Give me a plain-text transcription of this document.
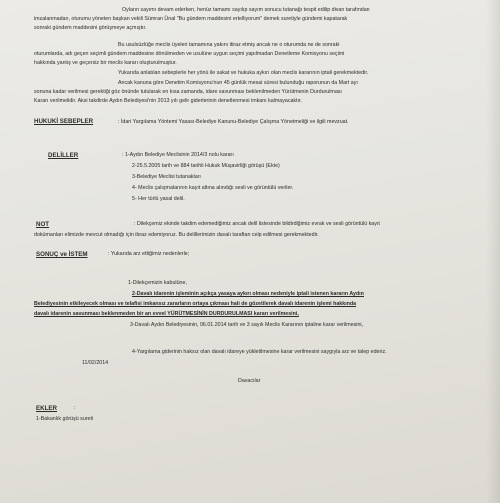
Oyların sayımı devam ederken, henüz tamamı sayılıp sayım sonucu tutanağı tespit edilip divan tarafından
imzalanmadan, oturumu yöneten başkan vekili Sümran Ünal "Bu gündem maddesini ertelliyorum" demek suretiyle gündemi kapatarak
sonraki gündem maddesini görüşmeye açmıştır.
Bu usulsüzlüğe meclis üyeleri tamamına yakını itiraz etmiş ancak ne o oturumda ne de sonraki
oturumlarda, adı geçen seçimli gündem maddesine dönülmeden ve usulüne uygun seçimi yapılmadan Denetleme Komisyonu seçimi
hakkında yanlış ve geçersiz bir meclis kararı oluşturulmuştur.
Yukarıda anlatılan sebeplerle her yönü ile sakat ve hukuka aykırı olan meclis kararının iptali gerekmektedir.
Ancak kanuna göre Denetim Komisyonu'nun 45 günlük mesai süresi bulunduğu raporunun da Mart ayı
sonuna kadar verilmesi gerektiği göz önünde tutularak en kısa zamanda, idare savunması beklenilmeden Yürütmenin Durdurulması
Kararı verilmelidir. Aksi takdirde Aydın Belediyesi'nin 2013 yılı gelir giderlerinin denetlenmesi imkanı kalmayacaktır.
HUKUKİ SEBEPLER	: İdari Yargılama Yöntemi Yasası-Belediye Kanunu-Belediye Çalışma Yönetmeliği ve ilgili mevzuat.
DELİLLER	: 1-Aydın Belediye Meclisinin 2014/3 nolu kararı
2-25.5.2005 tarih ve 884 tarihli Hukuk Müşavirliği görüşü (Ekte)
3-Belediye Meclisi tutanakları
4- Meclis çalışmalarının kayıt altına alındığı sesli ve görüntülü veriler.
5- Her türlü yasal delil.
NOT	: Dilekçemiz ekinde takdim edemediğimiz ancak delil listesinde bildirdiğimiz evrak ve sesli görüntülü kayıt
dokümanları elimizde mevcut olmadığı için ibraz edemiyoruz. Bu delillerimizin davalı taraftan celp edilmesi gerekmektedir.
SONUÇ ve İSTEM	: Yukarıda arz ettiğimiz nedenlerle;
1-Dilekçemizin kabulüne,
2-Davalı idarenin işleminin açıkça yasaya aykırı olması nedeniyle iptali istenen kararın Aydın
Belediyesinin etkileyecek olması ve telafisi imkansız zararların ortaya çıkması hali de gözetilerek davalı idarenin işlemi hakkında
davalı idarenin savunması beklenmeden bir an evvel YÜRÜTMESİNİN DURDURULMASI kararı verilmesini,
3-Davalı Aydın Belediyesinin, 06.01.2014 tarih ve 3 sayılı Meclis Kararının iptaline karar verilmesini,
4-Yargılama giderinin haksız olan davalı idareye yükletilmesine karar verilmesini saygıyla arz ve talep ederiz.
11/02/2014
Davacılar
EKLER	:
1-Bakanlık görüşü sureti
